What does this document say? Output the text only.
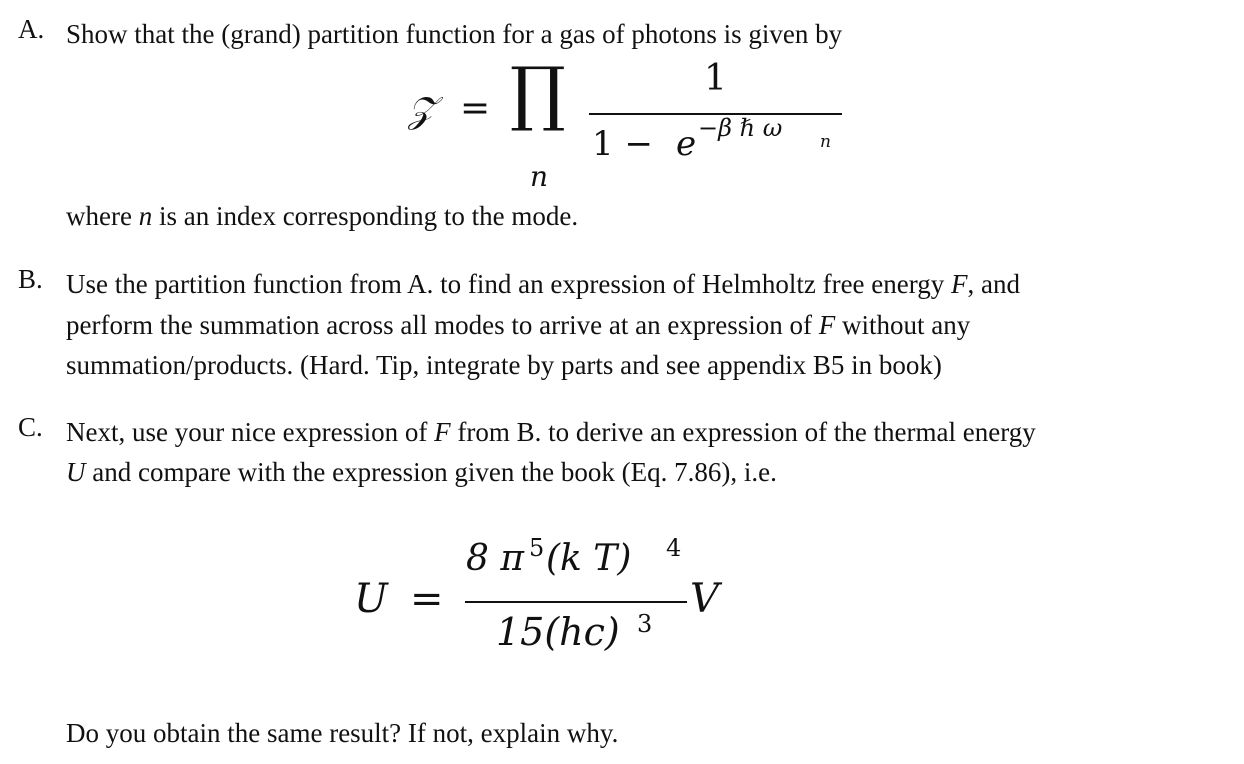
A. Show that the (grand) partition function for a gas of photons is given by
𝒵 = ∏
n
1
1 − e −β ℏ ω n
where n is an index corresponding to the mode.
B. Use the partition function from A. to find an expression of Helmholtz free energy F, and
perform the summation across all modes to arrive at an expression of F without any
summation/products. (Hard. Tip, integrate by parts and see appendix B5 in book)
C. Next, use your nice expression of F from B. to derive an expression of the thermal energy
U and compare with the expression given the book (Eq. 7.86), i.e.
U =
8 π 5 (k T) 4
15(hc) 3
V
Do you obtain the same result? If not, explain why.
